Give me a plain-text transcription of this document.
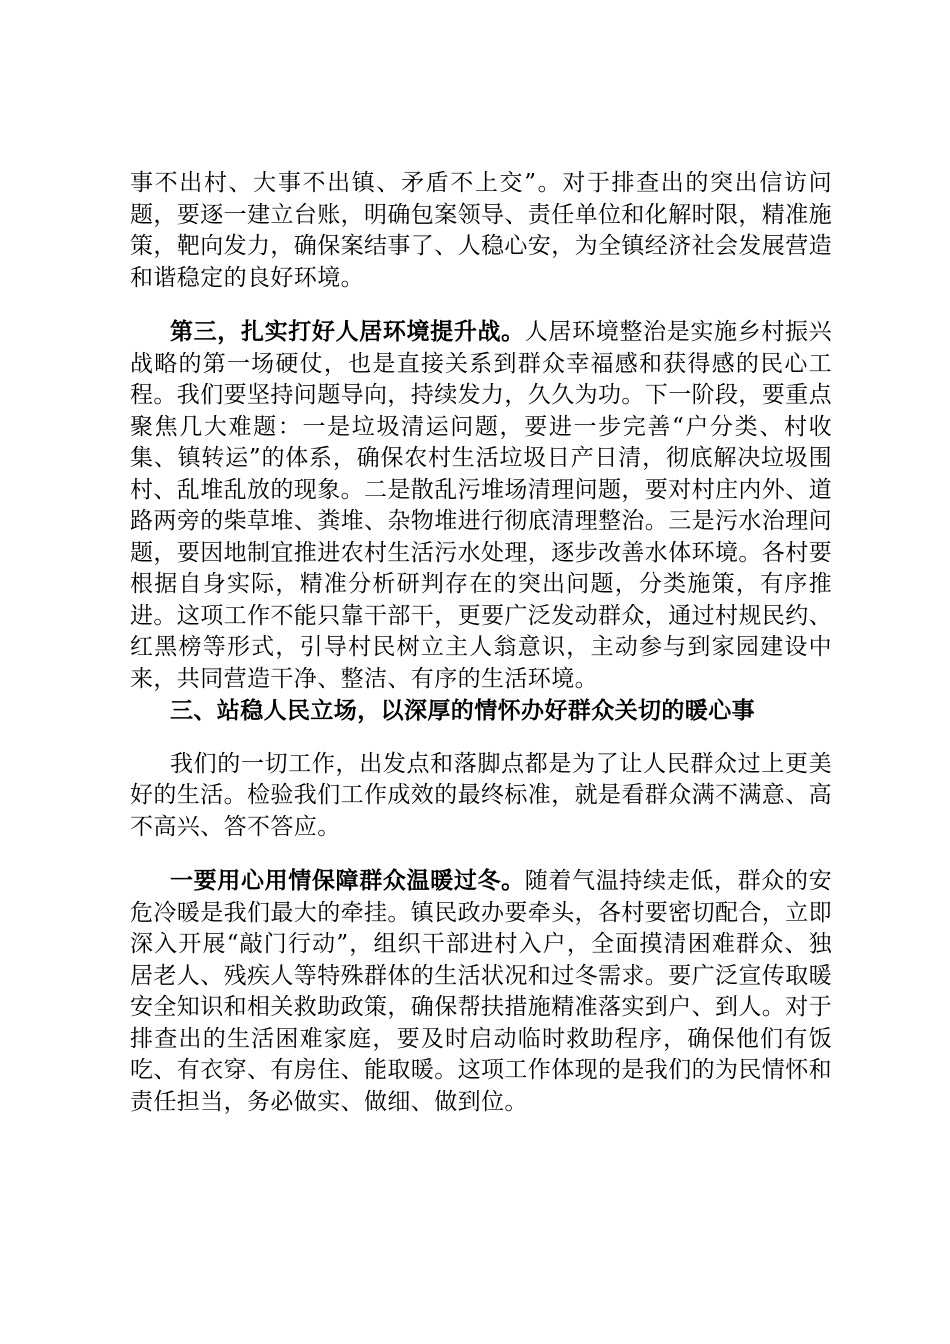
事不出村、大事不出镇、矛盾不上交”。对于排查出的突出信访问题，要逐一建立台账，明确包案领导、责任单位和化解时限，精准施策，靶向发力，确保案结事了、人稳心安，为全镇经济社会发展营造和谐稳定的良好环境。

第三，扎实打好人居环境提升战。人居环境整治是实施乡村振兴战略的第一场硬仗，也是直接关系到群众幸福感和获得感的民心工程。我们要坚持问题导向，持续发力，久久为功。下一阶段，要重点聚焦几大难题：一是垃圾清运问题，要进一步完善“户分类、村收集、镇转运”的体系，确保农村生活垃圾日产日清，彻底解决垃圾围村、乱堆乱放的现象。二是散乱污堆场清理问题，要对村庄内外、道路两旁的柴草堆、粪堆、杂物堆进行彻底清理整治。三是污水治理问题，要因地制宜推进农村生活污水处理，逐步改善水体环境。各村要根据自身实际，精准分析研判存在的突出问题，分类施策，有序推进。这项工作不能只靠干部干，更要广泛发动群众，通过村规民约、红黑榜等形式，引导村民树立主人翁意识，主动参与到家园建设中来，共同营造干净、整洁、有序的生活环境。

三、站稳人民立场，以深厚的情怀办好群众关切的暖心事

我们的一切工作，出发点和落脚点都是为了让人民群众过上更美好的生活。检验我们工作成效的最终标准，就是看群众满不满意、高不高兴、答不答应。

一要用心用情保障群众温暖过冬。随着气温持续走低，群众的安危冷暖是我们最大的牵挂。镇民政办要牵头，各村要密切配合，立即深入开展“敲门行动”，组织干部进村入户，全面摸清困难群众、独居老人、残疾人等特殊群体的生活状况和过冬需求。要广泛宣传取暖安全知识和相关救助政策，确保帮扶措施精准落实到户、到人。对于排查出的生活困难家庭，要及时启动临时救助程序，确保他们有饭吃、有衣穿、有房住、能取暖。这项工作体现的是我们的为民情怀和责任担当，务必做实、做细、做到位。
